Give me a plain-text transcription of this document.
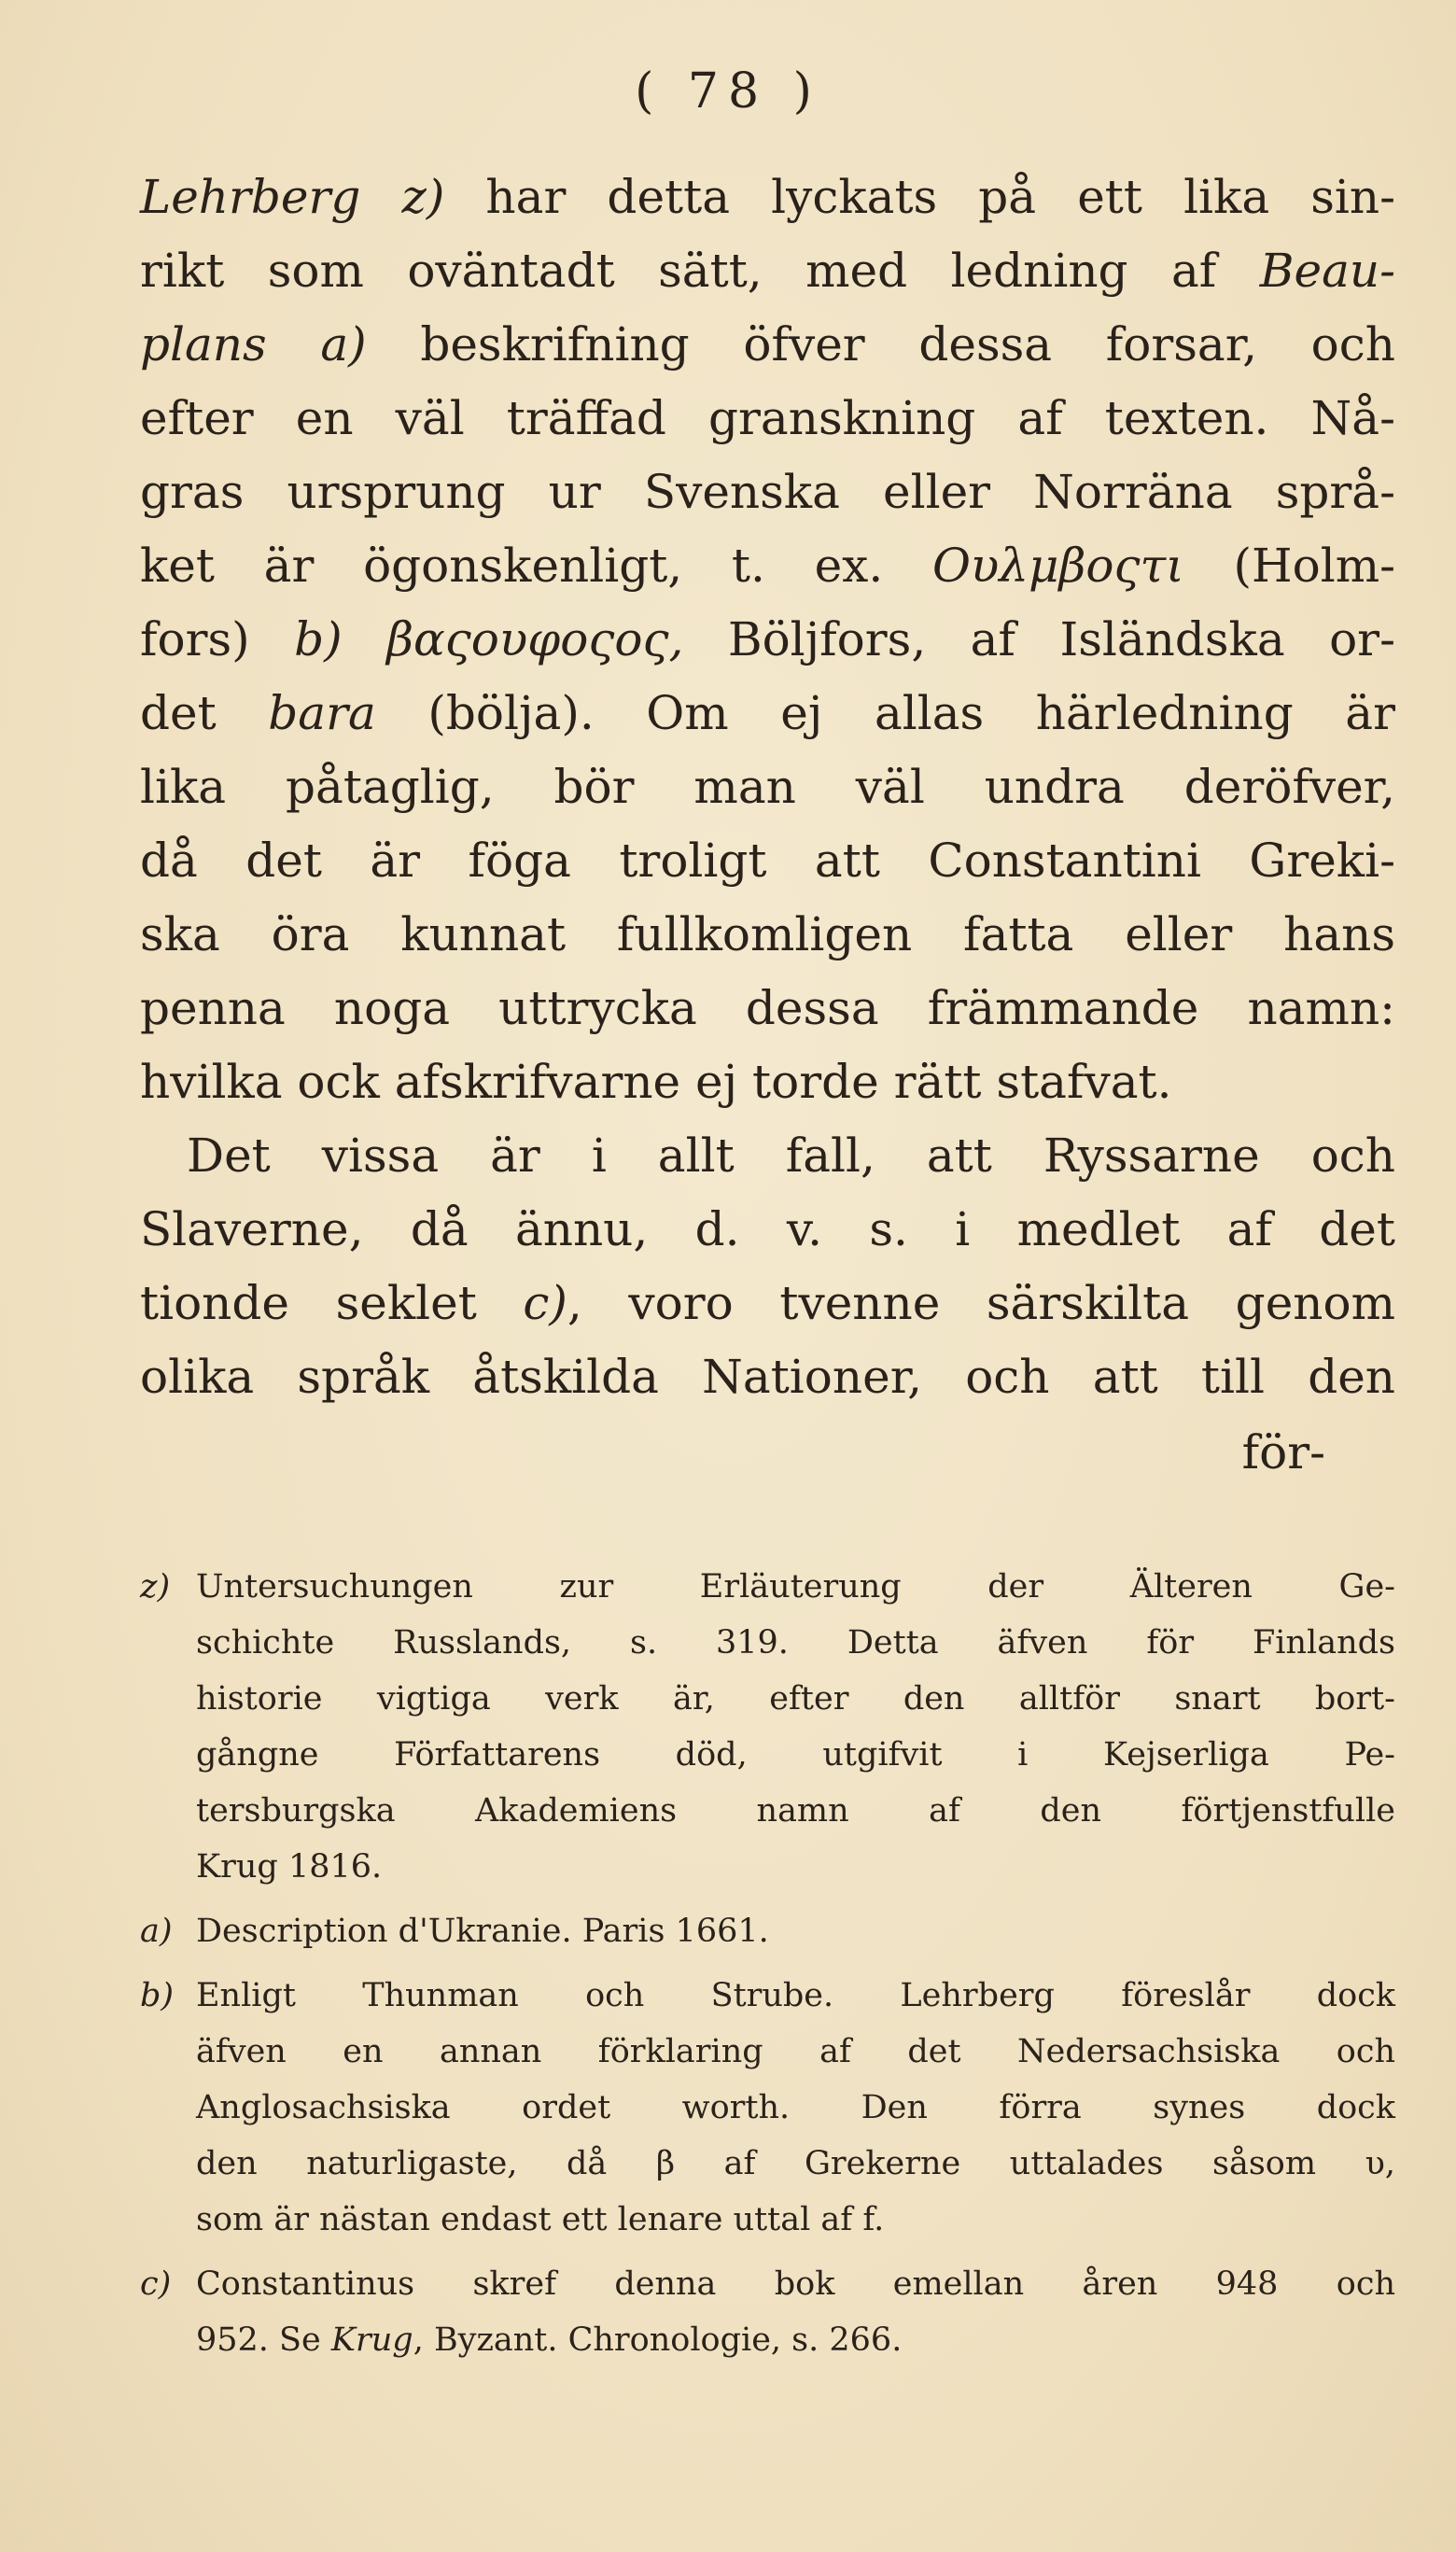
( 78 )
Lehrberg z) har detta lyckats på ett lika sin-
rikt som oväntadt sätt, med ledning af Beau-
plans a) beskrifning öfver dessa forsar, och
efter en väl träffad granskning af texten. Nå-
gras ursprung ur Svenska eller Norräna språ-
ket är ögonskenligt, t. ex. Ουλμβοςτι (Holm-
fors) b) βαςουφοςος, Böljfors, af Isländska or-
det bara (bölja). Om ej allas härledning är
lika påtaglig, bör man väl undra deröfver,
då det är föga troligt att Constantini Greki-
ska öra kunnat fullkomligen fatta eller hans
penna noga uttrycka dessa främmande namn:
hvilka ock afskrifvarne ej torde rätt stafvat.
Det vissa är i allt fall, att Ryssarne och
Slaverne, då ännu, d. v. s. i medlet af det
tionde seklet c), voro tvenne särskilta genom
olika språk åtskilda Nationer, och att till den
för-
z) Untersuchungen zur Erläuterung der Älteren Ge-
schichte Russlands, s. 319. Detta äfven för Finlands
historie vigtiga verk är, efter den alltför snart bort-
gångne Författarens död, utgifvit i Kejserliga Pe-
tersburgska Akademiens namn af den förtjenstfulle
Krug 1816.
a) Description d'Ukranie. Paris 1661.
b) Enligt Thunman och Strube. Lehrberg föreslår dock
äfven en annan förklaring af det Nedersachsiska och
Anglosachsiska ordet worth. Den förra synes dock
den naturligaste, då β af Grekerne uttalades såsom υ,
som är nästan endast ett lenare uttal af f.
c) Constantinus skref denna bok emellan åren 948 och
952. Se Krug, Byzant. Chronologie, s. 266.
